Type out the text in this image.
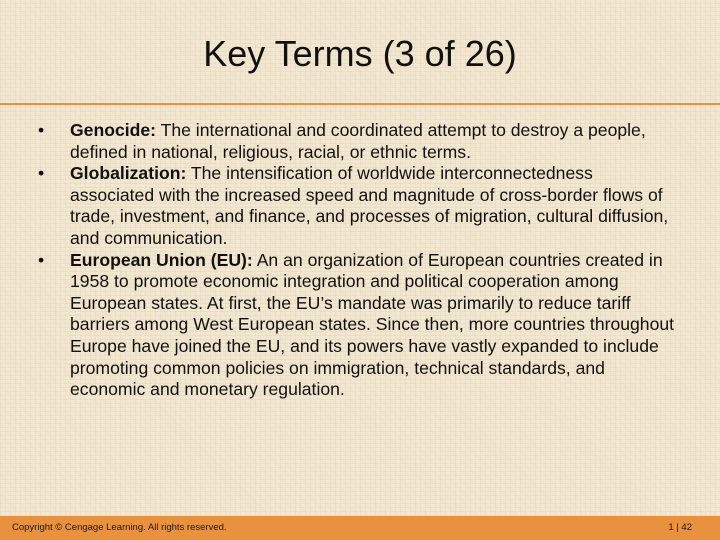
Key Terms (3 of 26)
• Genocide: The international and coordinated attempt to destroy a people, defined in national, religious, racial, or ethnic terms.
• Globalization: The intensification of worldwide interconnectedness associated with the increased speed and magnitude of cross-border flows of trade, investment, and finance, and processes of migration, cultural diffusion, and communication.
• European Union (EU): An an organization of European countries created in 1958 to promote economic integration and political cooperation among European states. At first, the EU’s mandate was primarily to reduce tariff barriers among West European states. Since then, more countries throughout Europe have joined the EU, and its powers have vastly expanded to include promoting common policies on immigration, technical standards, and economic and monetary regulation.
Copyright © Cengage Learning. All rights reserved.	1 | 42
